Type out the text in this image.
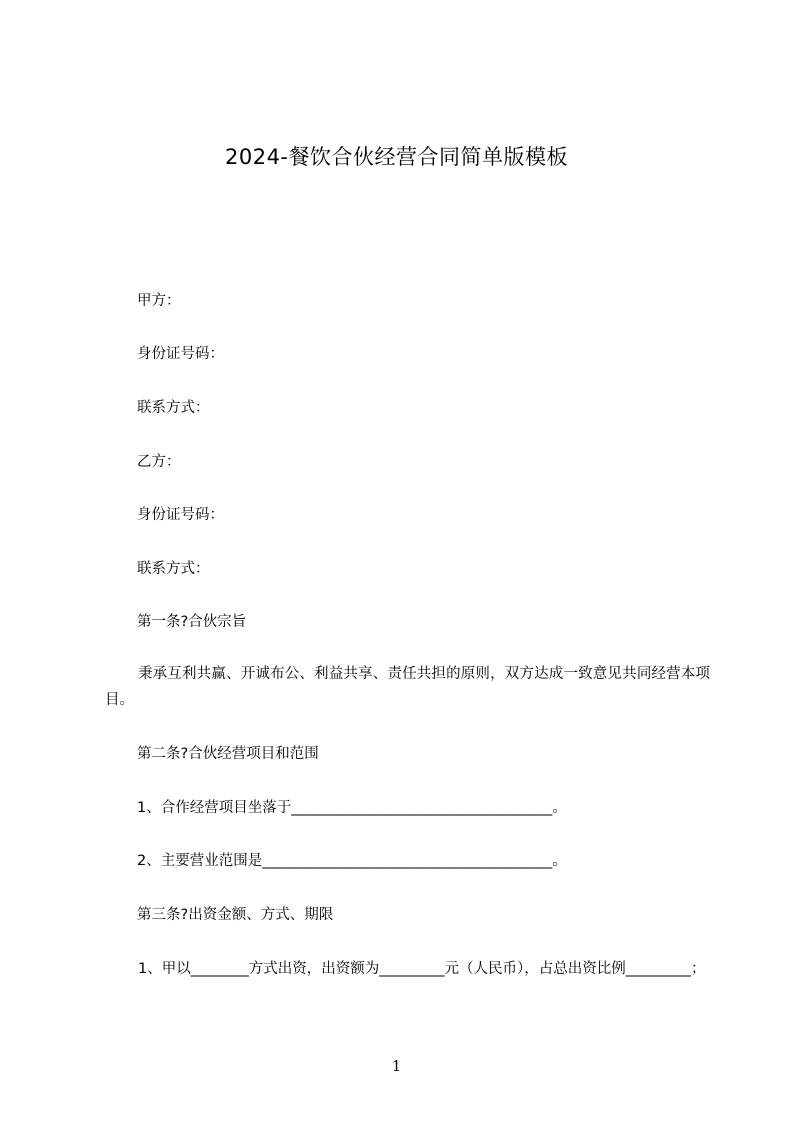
2024-餐饮合伙经营合同简单版模板
甲方：
身份证号码：
联系方式：
乙方：
身份证号码：
联系方式：
第一条?合伙宗旨
秉承互利共赢、开诚布公、利益共享、责任共担的原则，双方达成一致意见共同经营本项目。
第二条?合伙经营项目和范围
1、合作经营项目坐落于____________________________________。
2、主要营业范围是________________________________________。
第三条?出资金额、方式、期限
1、甲以________方式出资，出资额为_________元（人民币），占总出资比例_________；
1
